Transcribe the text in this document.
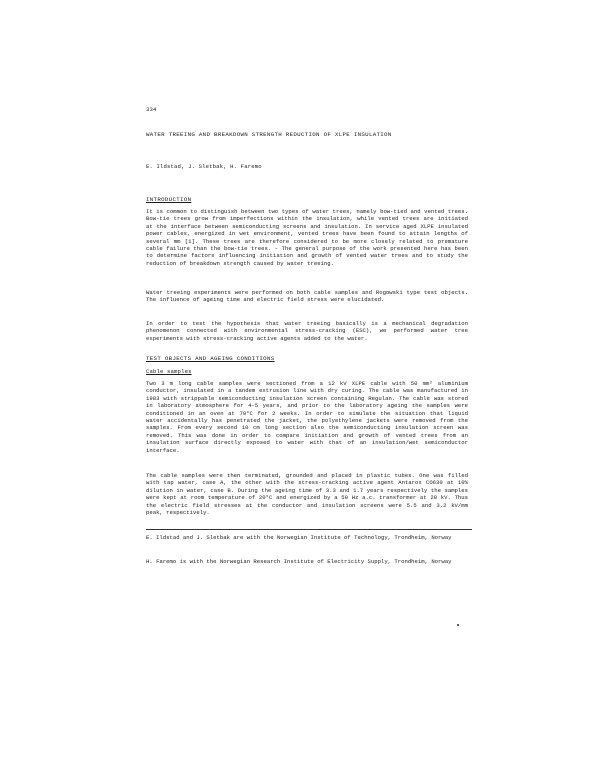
334
WATER TREEING AND BREAKDOWN STRENGTH REDUCTION OF XLPE INSULATION
E. Ildstad, J. Sletbak, H. Faremo
INTRODUCTION
It is common to distinguish between two types of water trees, namely bow-tied and vented trees. Bow-tie trees grow from imperfections within the insulation, while vented trees are initiated at the interface between semiconducting screens and insulation. In service aged XLPE insulated power cables, energized in wet environment, vented trees have been found to attain lengths of several mm [1]. These trees are therefore considered to be more closely related to premature cable failure than the bow-tie trees. - The general purpose of the work presented here has been to determine factors influencing initiation and growth of vented water trees and to study the reduction of breakdown strength caused by water treeing.
Water treeing experiments were performed on both cable samples and Rogowski type test objects. The influence of ageing time and electric field stress were elucidated.
In order to test the hypothesis that water treeing basically is a mechanical degradation phenomenon connected with environmental stress-cracking (ESC), we performed water tree experiments with stress-cracking active agents added to the water.
TEST OBJECTS AND AGEING CONDITIONS
Cable samples
Two 3 m long cable samples were sectioned from a 12 kV XLPE cable with 50 mm² aluminium conductor, insulated in a tandem extrusion line with dry curing. The cable was manufactured in 1983 with strippable semiconducting insulation screen containing Regulan. The cable was stored in laboratory atmosphere for 4-5 years, and prior to the laboratory ageing the samples were conditioned in an oven at 70°C for 2 weeks. In order to simulate the situation that liquid water accidentally has penetrated the jacket, the polyethylene jackets were removed from the samples. From every second 10 cm long section also the semiconducting insulation screen was removed. This was done in order to compare initiation and growth of vented trees from an insulation surface directly exposed to water with that of an insulation/wet semiconductor interface.
The cable samples were then terminated, grounded and placed in plastic tubes. One was filled with tap water, case A, the other with the stress-cracking active agent Antarox CO630 at 10% dilution in water, case B. During the ageing time of 3.3 and 1.7 years respectively the samples were kept at room temperature of 20°C and energized by a 50 Hz a.c. transformer at 28 kV. Thus the electric field stresses at the conductor and insulation screens were 5.5 and 3.2 kV/mm peak, respectively.
E. Ildstad and J. Sletbak are with the Norwegian Institute of Technology, Trondheim, Norway
H. Faremo is with the Norwegian Research Institute of Electricity Supply, Trondheim, Norway
